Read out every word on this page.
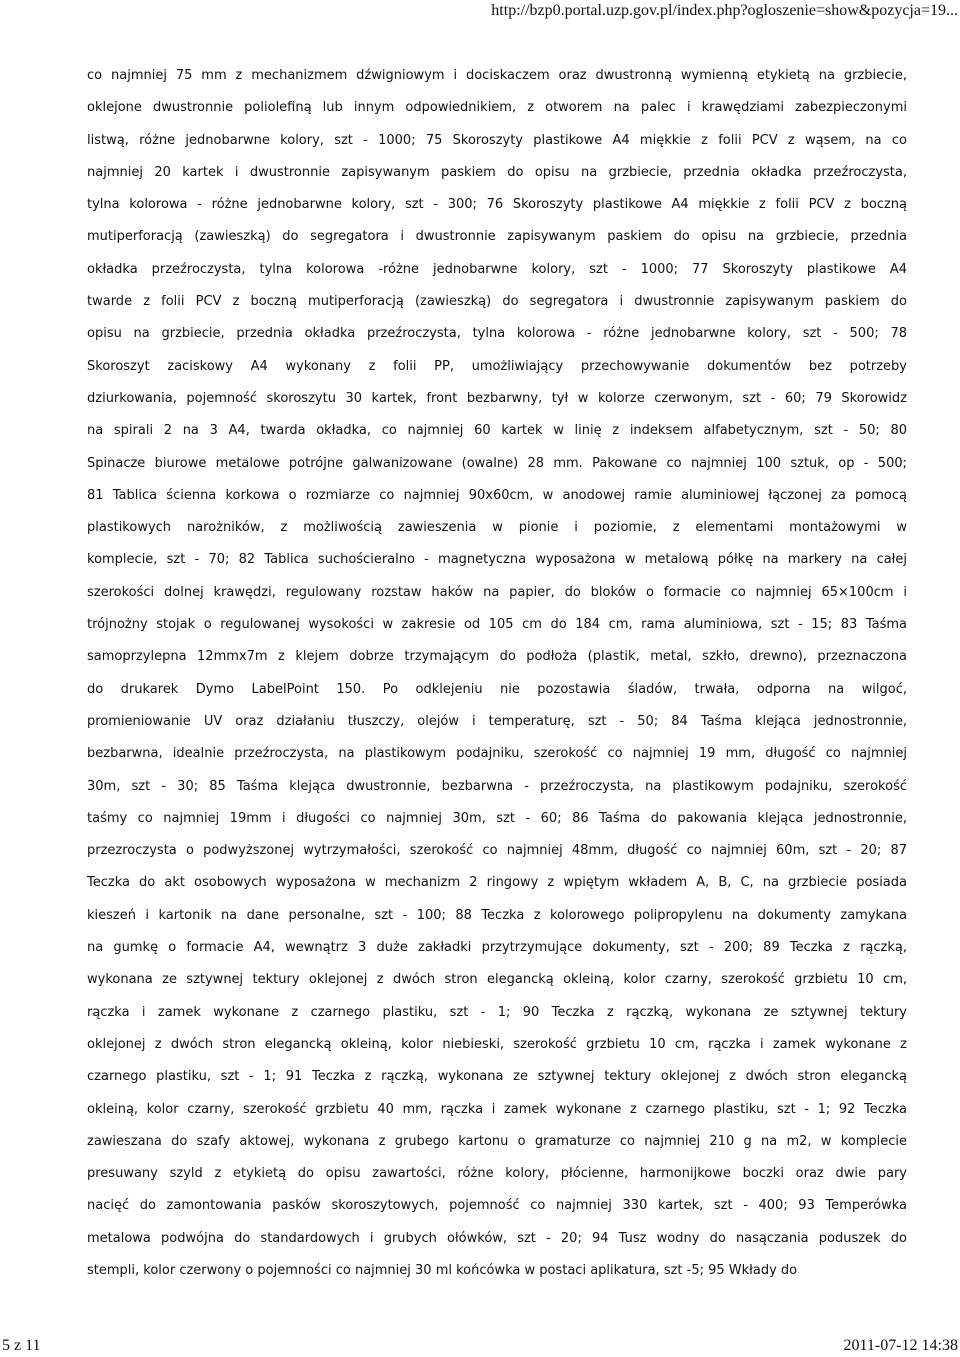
http://bzp0.portal.uzp.gov.pl/index.php?ogloszenie=show&pozycja=19...
co najmniej 75 mm z mechanizmem dźwigniowym i dociskaczem oraz dwustronną wymienną etykietą na grzbiecie,
oklejone dwustronnie poliolefiną lub innym odpowiednikiem, z otworem na palec i krawędziami zabezpieczonymi
listwą, różne jednobarwne kolory, szt - 1000; 75 Skoroszyty plastikowe A4 miękkie z folii PCV z wąsem, na co
najmniej 20 kartek i dwustronnie zapisywanym paskiem do opisu na grzbiecie, przednia okładka przeźroczysta,
tylna kolorowa - różne jednobarwne kolory, szt - 300; 76 Skoroszyty plastikowe A4 miękkie z folii PCV z boczną
mutiperforacją (zawieszką) do segregatora i dwustronnie zapisywanym paskiem do opisu na grzbiecie, przednia
okładka przeźroczysta, tylna kolorowa -różne jednobarwne kolory, szt - 1000; 77 Skoroszyty plastikowe A4
twarde z folii PCV z boczną mutiperforacją (zawieszką) do segregatora i dwustronnie zapisywanym paskiem do
opisu na grzbiecie, przednia okładka przeźroczysta, tylna kolorowa - różne jednobarwne kolory, szt - 500; 78
Skoroszyt zaciskowy A4 wykonany z folii PP, umożliwiający przechowywanie dokumentów bez potrzeby
dziurkowania, pojemność skoroszytu 30 kartek, front bezbarwny, tył w kolorze czerwonym, szt - 60; 79 Skorowidz
na spirali 2 na 3 A4, twarda okładka, co najmniej 60 kartek w linię z indeksem alfabetycznym, szt - 50; 80
Spinacze biurowe metalowe potrójne galwanizowane (owalne) 28 mm. Pakowane co najmniej 100 sztuk, op - 500;
81 Tablica ścienna korkowa o rozmiarze co najmniej 90x60cm, w anodowej ramie aluminiowej łączonej za pomocą
plastikowych narożników, z możliwością zawieszenia w pionie i poziomie, z elementami montażowymi w
komplecie, szt - 70; 82 Tablica suchościeralno - magnetyczna wyposażona w metalową półkę na markery na całej
szerokości dolnej krawędzi, regulowany rozstaw haków na papier, do bloków o formacie co najmniej 65×100cm i
trójnożny stojak o regulowanej wysokości w zakresie od 105 cm do 184 cm, rama aluminiowa, szt - 15; 83 Taśma
samoprzylepna 12mmx7m z klejem dobrze trzymającym do podłoża (plastik, metal, szkło, drewno), przeznaczona
do drukarek Dymo LabelPoint 150. Po odklejeniu nie pozostawia śladów, trwała, odporna na wilgoć,
promieniowanie UV oraz działaniu tłuszczy, olejów i temperaturę, szt - 50; 84 Taśma klejąca jednostronnie,
bezbarwna, idealnie przeźroczysta, na plastikowym podajniku, szerokość co najmniej 19 mm, długość co najmniej
30m, szt - 30; 85 Taśma klejąca dwustronnie, bezbarwna - przeźroczysta, na plastikowym podajniku, szerokość
taśmy co najmniej 19mm i długości co najmniej 30m, szt - 60; 86 Taśma do pakowania klejąca jednostronnie,
przezroczysta o podwyższonej wytrzymałości, szerokość co najmniej 48mm, długość co najmniej 60m, szt - 20; 87
Teczka do akt osobowych wyposażona w mechanizm 2 ringowy z wpiętym wkładem A, B, C, na grzbiecie posiada
kieszeń i kartonik na dane personalne, szt - 100; 88 Teczka z kolorowego polipropylenu na dokumenty zamykana
na gumkę o formacie A4, wewnątrz 3 duże zakładki przytrzymujące dokumenty, szt - 200; 89 Teczka z rączką,
wykonana ze sztywnej tektury oklejonej z dwóch stron elegancką okleiną, kolor czarny, szerokość grzbietu 10 cm,
rączka i zamek wykonane z czarnego plastiku, szt - 1; 90 Teczka z rączką, wykonana ze sztywnej tektury
oklejonej z dwóch stron elegancką okleiną, kolor niebieski, szerokość grzbietu 10 cm, rączka i zamek wykonane z
czarnego plastiku, szt - 1; 91 Teczka z rączką, wykonana ze sztywnej tektury oklejonej z dwóch stron elegancką
okleiną, kolor czarny, szerokość grzbietu 40 mm, rączka i zamek wykonane z czarnego plastiku, szt - 1; 92 Teczka
zawieszana do szafy aktowej, wykonana z grubego kartonu o gramaturze co najmniej 210 g na m2, w komplecie
presuwany szyld z etykietą do opisu zawartości, różne kolory, płócienne, harmonijkowe boczki oraz dwie pary
nacięć do zamontowania pasków skoroszytowych, pojemność co najmniej 330 kartek, szt - 400; 93 Temperówka
metalowa podwójna do standardowych i grubych ołówków, szt - 20; 94 Tusz wodny do nasączania poduszek do
stempli, kolor czerwony o pojemności co najmniej 30 ml końcówka w postaci aplikatura, szt -5; 95 Wkłady do
5 z 11	2011-07-12 14:38
